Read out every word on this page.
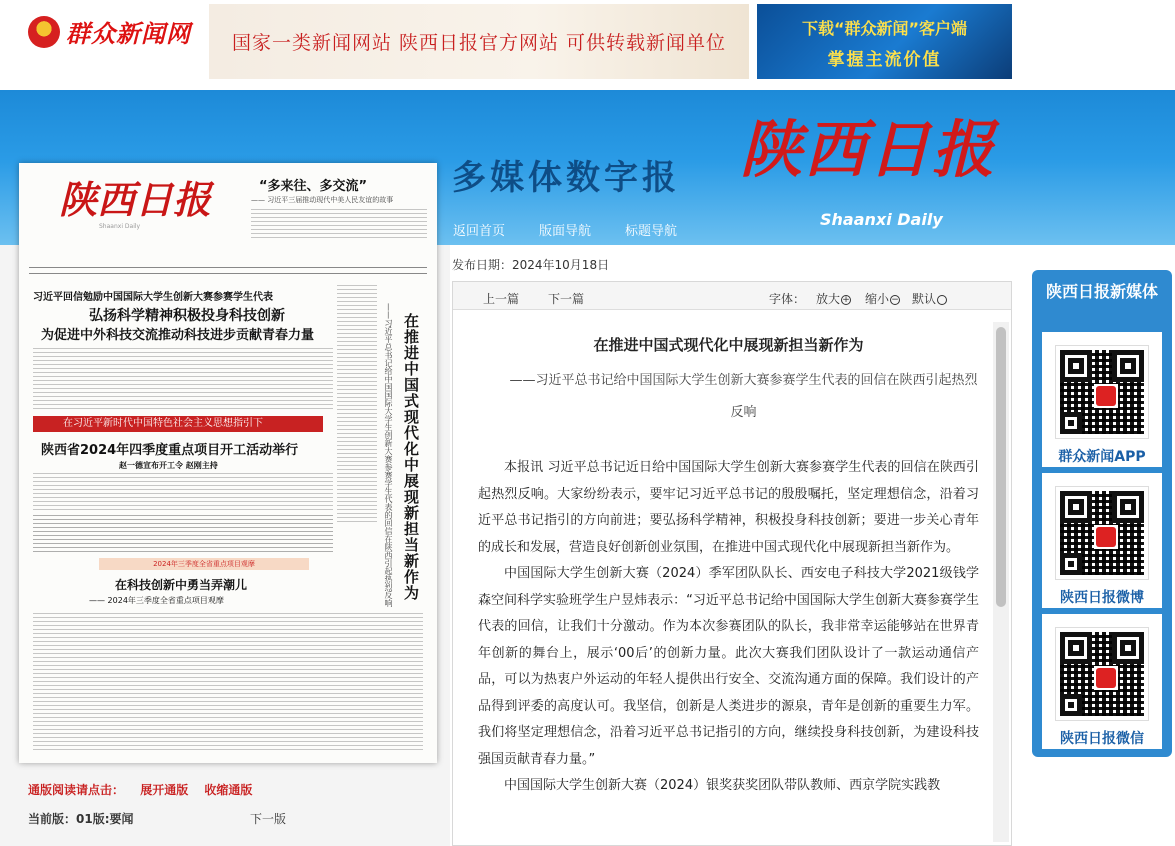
群众新闻网	国家一类新闻网站 陕西日报官方网站 可供转载新闻单位
下载“群众新闻”客户端
掌握主流价值
多媒体数字报 陕西日报
Shaanxi Daily
返回首页	版面导航	标题导航
陕西日报
Shaanxi Daily
“多来往、多交流”
—— 习近平三届推动现代中美人民友谊的故事
习近平回信勉励中国国际大学生创新大赛参赛学生代表
弘扬科学精神积极投身科技创新
为促进中外科技交流推动科技进步贡献青春力量
在习近平新时代中国特色社会主义思想指引下
陕西省2024年四季度重点项目开工活动举行
赵一德宣布开工令 赵刚主持
2024年三季度全省重点项目观摩
在科技创新中勇当弄潮儿
—— 2024年三季度全省重点项目观摩	在推进中国式现代化中展现新担当新作为
——习近平总书记给中国国际大学生创新大赛参赛学生代表的回信在陕西引起热烈反响
通版阅读请点击： 展开通版 收缩通版
当前版：01版:要闻	下一版
发布日期：2024年10月18日
上一篇 下一篇	字体： 放大 + 缩小 − 默认
在推进中国式现代化中展现新担当新作为
——习近平总书记给中国国际大学生创新大赛参赛学生代表的回信在陕西引起热烈反响

本报讯 习近平总书记近日给中国国际大学生创新大赛参赛学生代表的回信在陕西引起热烈反响。大家纷纷表示，要牢记习近平总书记的殷殷嘱托，坚定理想信念，沿着习近平总书记指引的方向前进；要弘扬科学精神，积极投身科技创新；要进一步关心青年的成长和发展，营造良好创新创业氛围，在推进中国式现代化中展现新担当新作为。

中国国际大学生创新大赛（2024）季军团队队长、西安电子科技大学2021级钱学森空间科学实验班学生户昱炜表示：“习近平总书记给中国国际大学生创新大赛参赛学生代表的回信，让我们十分激动。作为本次参赛团队的队长，我非常幸运能够站在世界青年创新的舞台上，展示‘00后’的创新力量。此次大赛我们团队设计了一款运动通信产品，可以为热衷户外运动的年轻人提供出行安全、交流沟通方面的保障。我们设计的产品得到评委的高度认可。我坚信，创新是人类进步的源泉，青年是创新的重要生力军。我们将坚定理想信念，沿着习近平总书记指引的方向，继续投身科技创新，为建设科技强国贡献青春力量。”

中国国际大学生创新大赛（2024）银奖获奖团队带队教师、西京学院实践教

陕西日报新媒体
群众新闻APP
陕西日报微博
陕西日报微信
